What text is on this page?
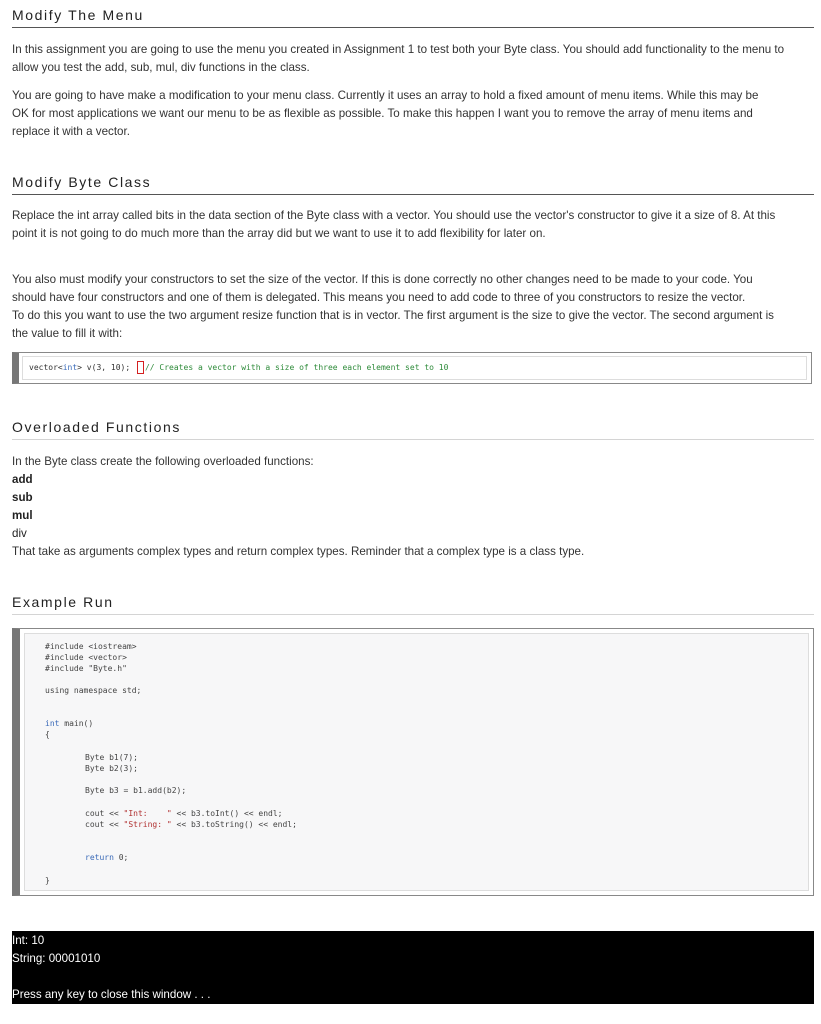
Modify The Menu
In this assignment you are going to use the menu you created in Assignment 1 to test both your Byte class. You should add functionality to the menu to
allow you test the add, sub, mul, div functions in the class.
You are going to have make a modification to your menu class. Currently it uses an array to hold a fixed amount of menu items. While this may be
OK for most applications we want our menu to be as flexible as possible. To make this happen I want you to remove the array of menu items and
replace it with a vector.
Modify Byte Class
Replace the int array called bits in the data section of the Byte class with a vector. You should use the vector's constructor to give it a size of 8. At this
point it is not going to do much more than the array did but we want to use it to add flexibility for later on.
You also must modify your constructors to set the size of the vector. If this is done correctly no other changes need to be made to your code. You
should have four constructors and one of them is delegated. This means you need to add code to three of you constructors to resize the vector.
To do this you want to use the two argument resize function that is in vector. The first argument is the size to give the vector. The second argument is
the value to fill it with:
vector<int> v(3, 10); // Creates a vector with a size of three each element set to 10
Overloaded Functions
In the Byte class create the following overloaded functions:
add
sub
mul
div
That take as arguments complex types and return complex types. Reminder that a complex type is a class type.
Example Run
#include <iostream>
#include <vector>
#include "Byte.h"
using namespace std;
int main()
{
Byte b1(7);
Byte b2(3);
Byte b3 = b1.add(b2);
cout << "Int:    " << b3.toInt() << endl;
cout << "String: " << b3.toString() << endl;
return 0;
}
Int: 10
String: 00001010
Press any key to close this window . . .
